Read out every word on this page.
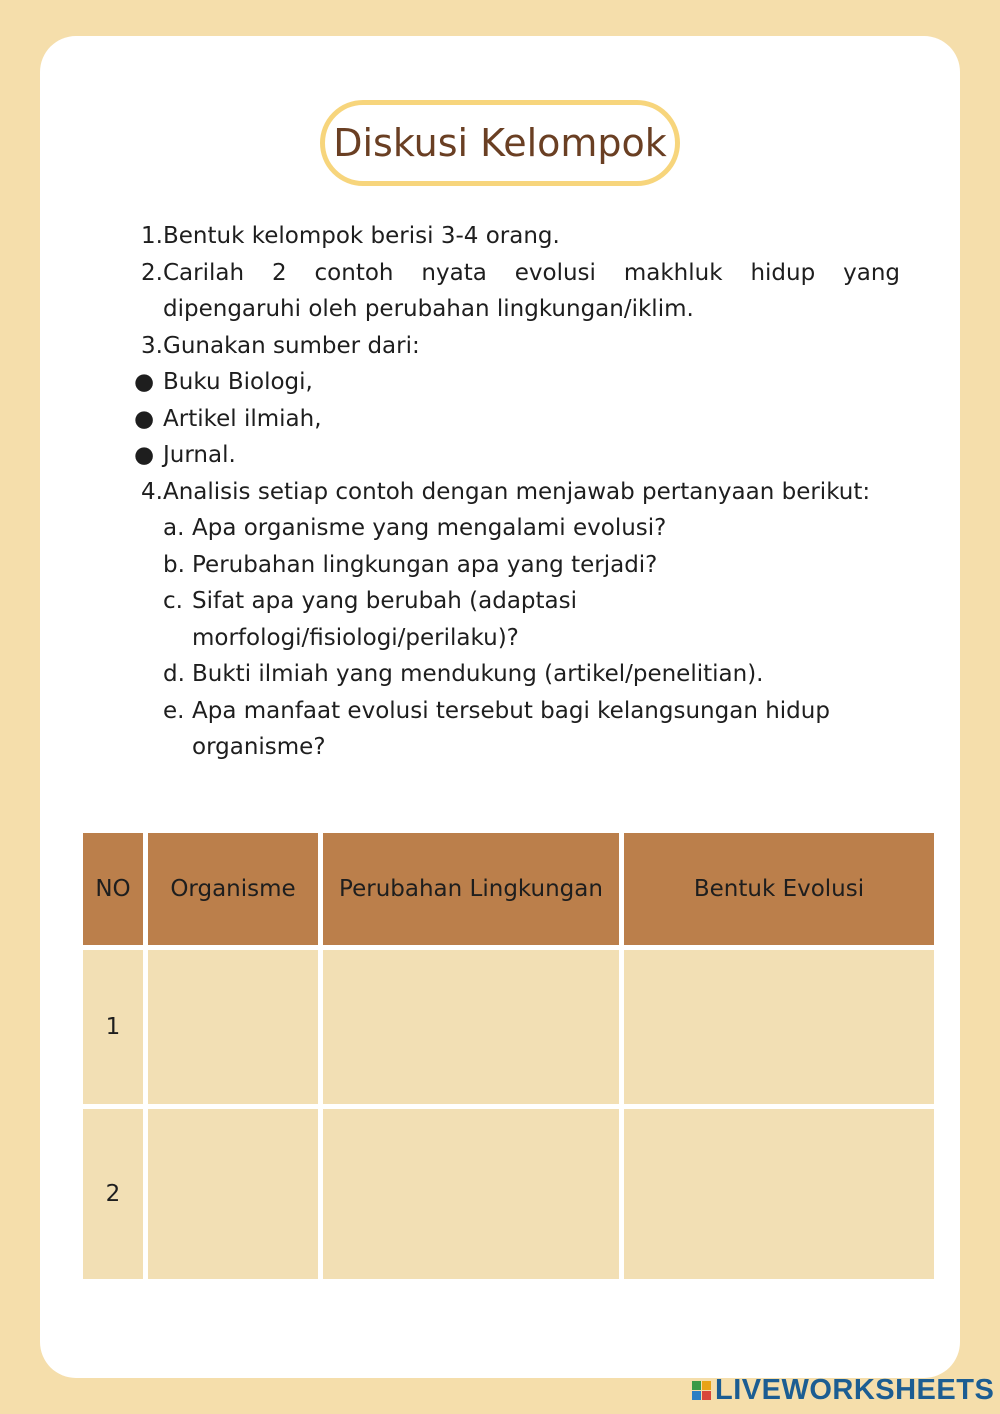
Diskusi Kelompok
1. Bentuk kelompok berisi 3-4 orang.
2. Carilah 2 contoh nyata evolusi makhluk hidup yang dipengaruhi oleh perubahan lingkungan/iklim.
3. Gunakan sumber dari:
● Buku Biologi,
● Artikel ilmiah,
● Jurnal.
4. Analisis setiap contoh dengan menjawab pertanyaan berikut:
a. Apa organisme yang mengalami evolusi?
b. Perubahan lingkungan apa yang terjadi?
c. Sifat apa yang berubah (adaptasi morfologi/fisiologi/perilaku)?
d. Bukti ilmiah yang mendukung (artikel/penelitian).
e. Apa manfaat evolusi tersebut bagi kelangsungan hidup organisme?
NO	Organisme	Perubahan Lingkungan	Bentuk Evolusi
1			
2			
LIVEWORKSHEETS
